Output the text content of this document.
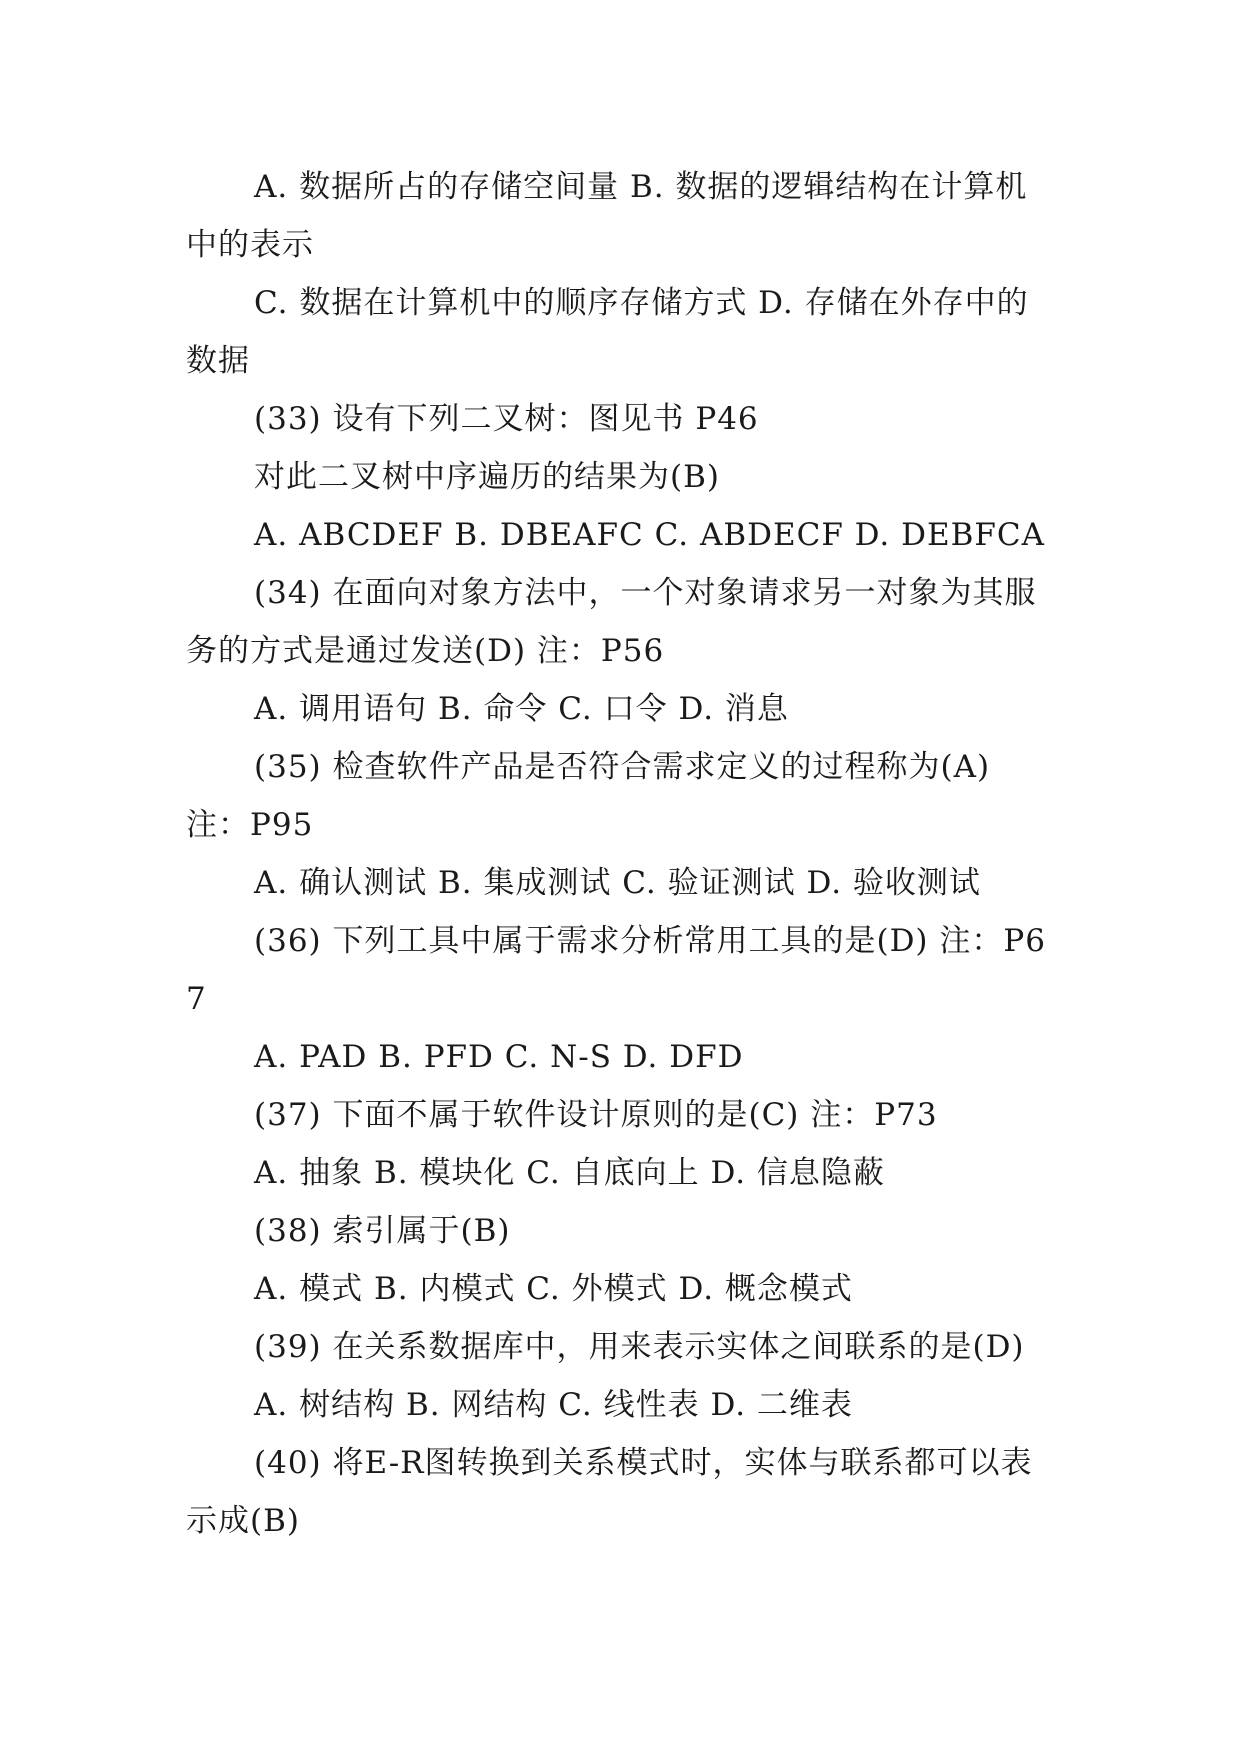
A. 数据所占的存储空间量 B. 数据的逻辑结构在计算机中的表示

C. 数据在计算机中的顺序存储方式 D. 存储在外存中的数据

(33) 设有下列二叉树：图见书 P46

对此二叉树中序遍历的结果为(B)

A. ABCDEF B. DBEAFC C. ABDECF D. DEBFCA

(34) 在面向对象方法中，一个对象请求另一对象为其服务的方式是通过发送(D) 注：P56

A. 调用语句 B. 命令 C. 口令 D. 消息

(35) 检查软件产品是否符合需求定义的过程称为(A) 注：P95

A. 确认测试 B. 集成测试 C. 验证测试 D. 验收测试

(36) 下列工具中属于需求分析常用工具的是(D) 注：P67

A. PAD B. PFD C. N-S D. DFD

(37) 下面不属于软件设计原则的是(C) 注：P73

A. 抽象 B. 模块化 C. 自底向上 D. 信息隐蔽

(38) 索引属于(B)

A. 模式 B. 内模式 C. 外模式 D. 概念模式

(39) 在关系数据库中，用来表示实体之间联系的是(D)

A. 树结构 B. 网结构 C. 线性表 D. 二维表

(40) 将E-R图转换到关系模式时，实体与联系都可以表示成(B)
